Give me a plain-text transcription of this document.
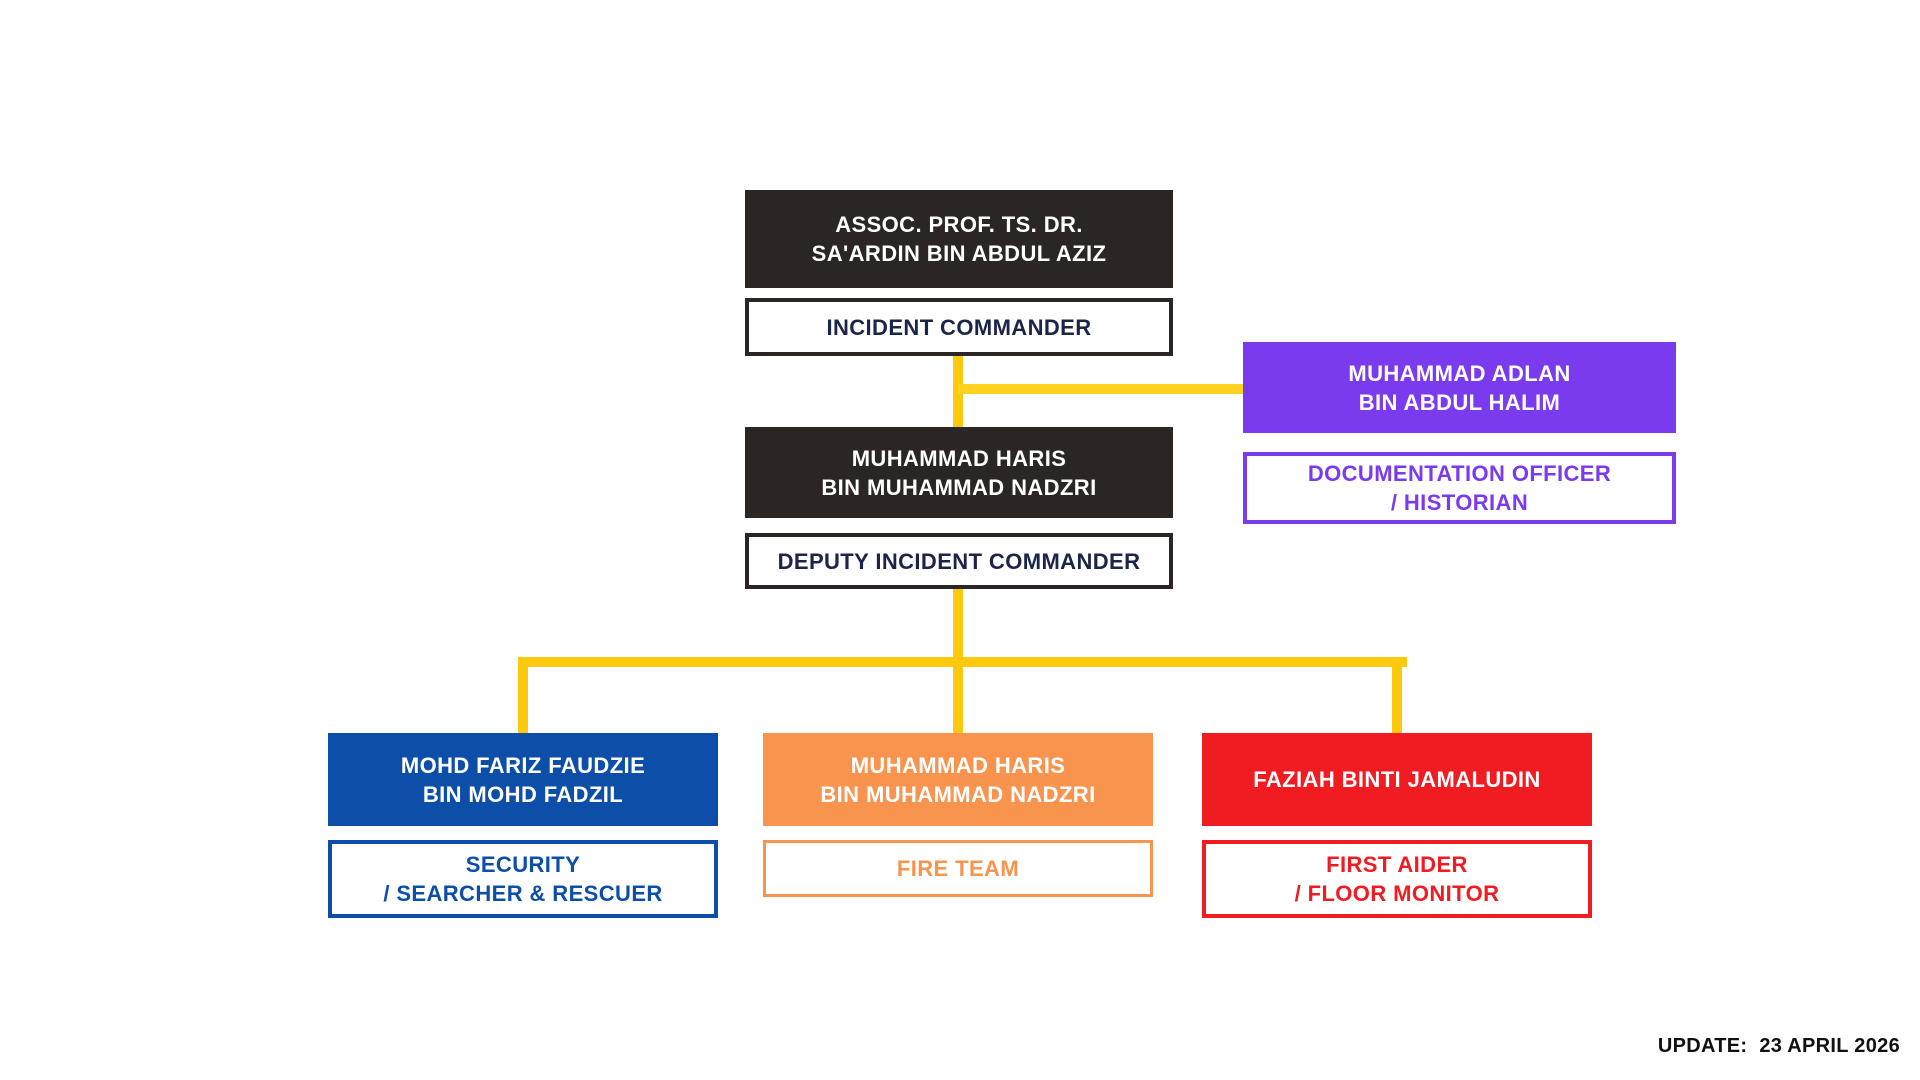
ASSOC. PROF. TS. DR.
SA'ARDIN BIN ABDUL AZIZ
INCIDENT COMMANDER
MUHAMMAD ADLAN
BIN ABDUL HALIM
DOCUMENTATION OFFICER
/ HISTORIAN
MUHAMMAD HARIS
BIN MUHAMMAD NADZRI
DEPUTY INCIDENT COMMANDER
MOHD FARIZ FAUDZIE
BIN MOHD FADZIL
SECURITY
/ SEARCHER & RESCUER
MUHAMMAD HARIS
BIN MUHAMMAD NADZRI
FIRE TEAM
FAZIAH BINTI JAMALUDIN
FIRST AIDER
/ FLOOR MONITOR
UPDATE: 23 APRIL 2026
